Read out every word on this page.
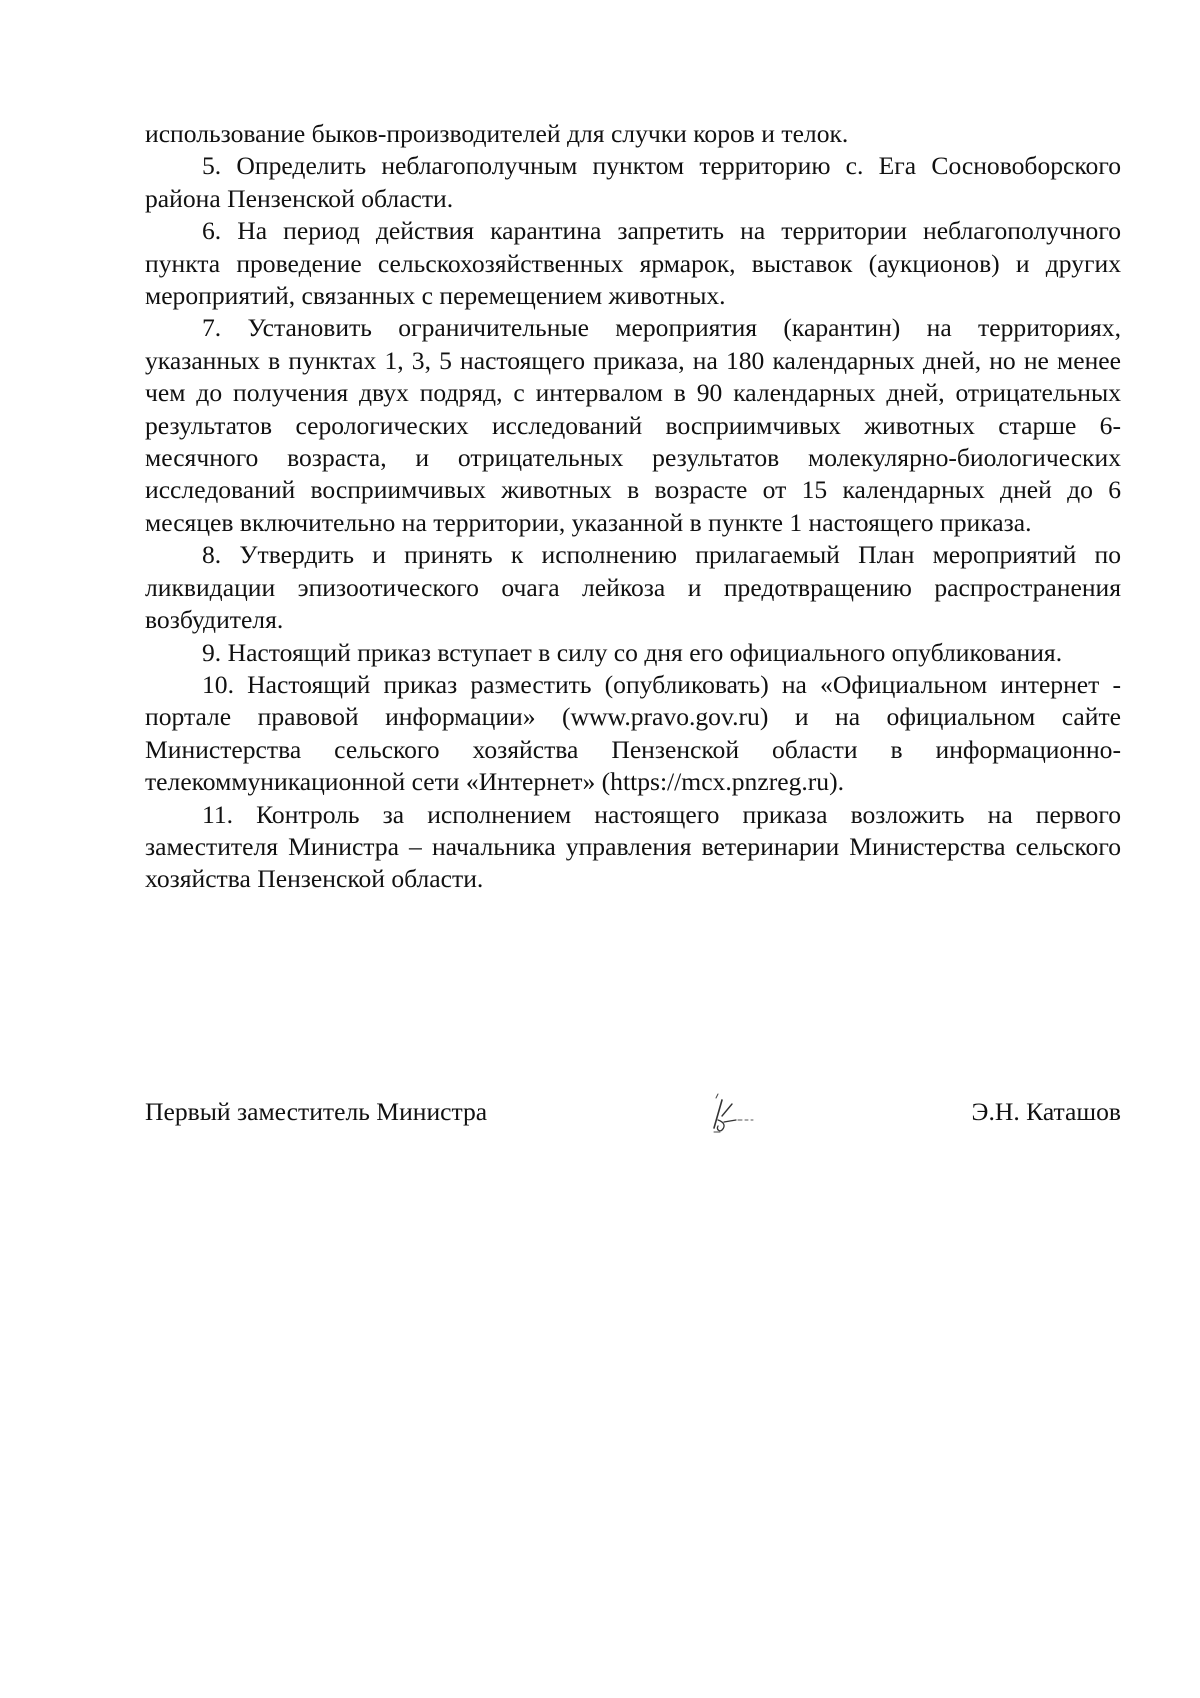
использование быков-производителей для случки коров и телок.

5. Определить неблагополучным пунктом территорию с. Ега Сосновоборского района Пензенской области.

6. На период действия карантина запретить на территории неблагополучного пункта проведение сельскохозяйственных ярмарок, выставок (аукционов) и других мероприятий, связанных с перемещением животных.

7. Установить ограничительные мероприятия (карантин) на территориях, указанных в пунктах 1, 3, 5 настоящего приказа, на 180 календарных дней, но не менее чем до получения двух подряд, с интервалом в 90 календарных дней, отрицательных результатов серологических исследований восприимчивых животных старше 6-месячного возраста, и отрицательных результатов молекулярно-биологических исследований восприимчивых животных в возрасте от 15 календарных дней до 6 месяцев включительно на территории, указанной в пункте 1 настоящего приказа.

8. Утвердить и принять к исполнению прилагаемый План мероприятий по ликвидации эпизоотического очага лейкоза и предотвращению распространения возбудителя.

9. Настоящий приказ вступает в силу со дня его официального опубликования.

10. Настоящий приказ разместить (опубликовать) на «Официальном интернет - портале правовой информации» (www.pravo.gov.ru) и на официальном сайте Министерства сельского хозяйства Пензенской области в информационно-телекоммуникационной сети «Интернет» (https://mcx.pnzreg.ru).

11. Контроль за исполнением настоящего приказа возложить на первого заместителя Министра – начальника управления ветеринарии Министерства сельского хозяйства Пензенской области.

Первый заместитель Министра	Э.Н. Каташов
